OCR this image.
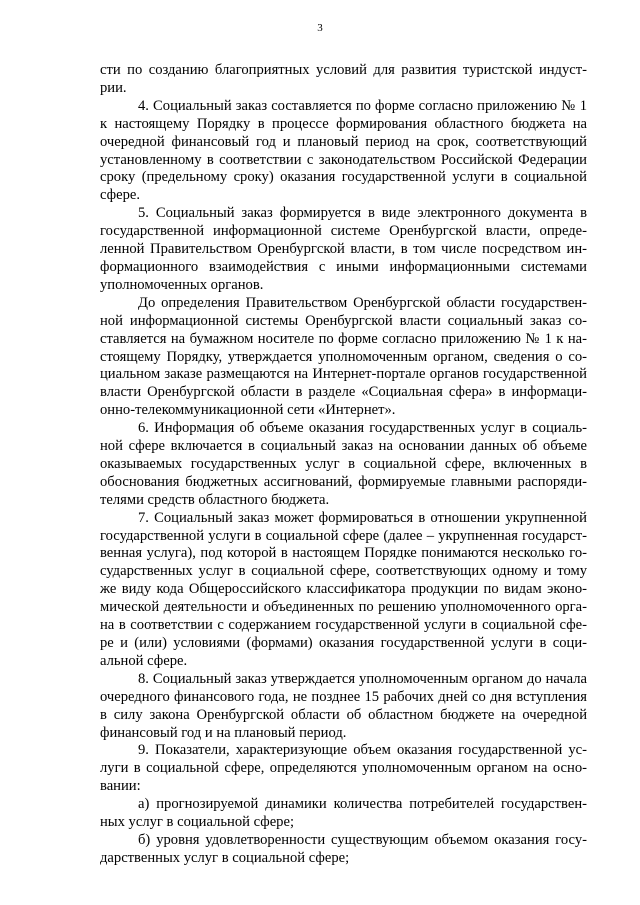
3

сти по созданию благоприятных условий для развития туристской индуст-
рии.

4. Социальный заказ составляется по форме согласно приложению № 1
к настоящему Порядку в процессе формирования областного бюджета на
очередной финансовый год и плановый период на срок, соответствующий
установленному в соответствии с законодательством Российской Федерации
сроку (предельному сроку) оказания государственной услуги в социальной
сфере.

5. Социальный заказ формируется в виде электронного документа в
государственной информационной системе Оренбургской власти, опреде-
ленной Правительством Оренбургской власти, в том числе посредством ин-
формационного взаимодействия с иными информационными системами
уполномоченных органов.

До определения Правительством Оренбургской области государствен-
ной информационной системы Оренбургской власти социальный заказ со-
ставляется на бумажном носителе по форме согласно приложению № 1 к на-
стоящему Порядку, утверждается уполномоченным органом, сведения о со-
циальном заказе размещаются на Интернет-портале органов государственной
власти Оренбургской области в разделе «Социальная сфера» в информаци-
онно-телекоммуникационной сети «Интернет».

6. Информация об объеме оказания государственных услуг в социаль-
ной сфере включается в социальный заказ на основании данных об объеме
оказываемых государственных услуг в социальной сфере, включенных в
обоснования бюджетных ассигнований, формируемые главными распоряди-
телями средств областного бюджета.

7. Социальный заказ может формироваться в отношении укрупненной
государственной услуги в социальной сфере (далее – укрупненная государст-
венная услуга), под которой в настоящем Порядке понимаются несколько го-
сударственных услуг в социальной сфере, соответствующих одному и тому
же виду кода Общероссийского классификатора продукции по видам эконо-
мической деятельности и объединенных по решению уполномоченного орга-
на в соответствии с содержанием государственной услуги в социальной сфе-
ре и (или) условиями (формами) оказания государственной услуги в соци-
альной сфере.

8. Социальный заказ утверждается уполномоченным органом до начала
очередного финансового года, не позднее 15 рабочих дней со дня вступления
в силу закона Оренбургской области об областном бюджете на очередной
финансовый год и на плановый период.

9. Показатели, характеризующие объем оказания государственной ус-
луги в социальной сфере, определяются уполномоченным органом на осно-
вании:

а) прогнозируемой динамики количества потребителей государствен-
ных услуг в социальной сфере;

б) уровня удовлетворенности существующим объемом оказания госу-
дарственных услуг в социальной сфере;
